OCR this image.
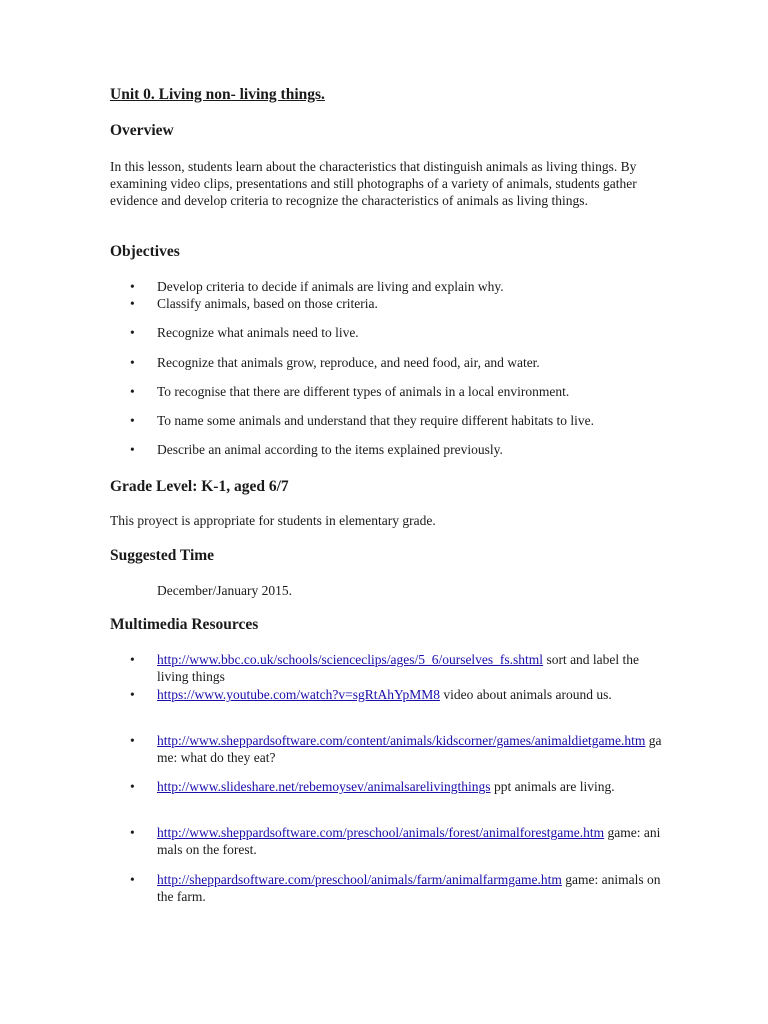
Unit 0. Living non- living things.

Overview

In this lesson, students learn about the characteristics that distinguish animals as living things. By examining video clips, presentations and still photographs of a variety of animals, students gather evidence and develop criteria to recognize the characteristics of animals as living things.

Objectives

• Develop criteria to decide if animals are living and explain why.
• Classify animals, based on those criteria.
• Recognize what animals need to live.
• Recognize that animals grow, reproduce, and need food, air, and water.
• To recognise that there are different types of animals in a local environment.
• To name some animals and understand that they require different habitats to live.
• Describe an animal according to the items explained previously.

Grade Level: K-1, aged 6/7

This proyect is appropriate for students in elementary grade.

Suggested Time

December/January 2015.

Multimedia Resources

• http://www.bbc.co.uk/schools/scienceclips/ages/5_6/ourselves_fs.shtml sort and label the living things
• https://www.youtube.com/watch?v=sgRtAhYpMM8 video about animals around us.
• http://www.sheppardsoftware.com/content/animals/kidscorner/games/animaldietgame.htm game: what do they eat?
• http://www.slideshare.net/rebemoysev/animalsarelivingthings ppt animals are living.
• http://www.sheppardsoftware.com/preschool/animals/forest/animalforestgame.htm game: animals on the forest.
• http://sheppardsoftware.com/preschool/animals/farm/animalfarmgame.htm game: animals on the farm.
